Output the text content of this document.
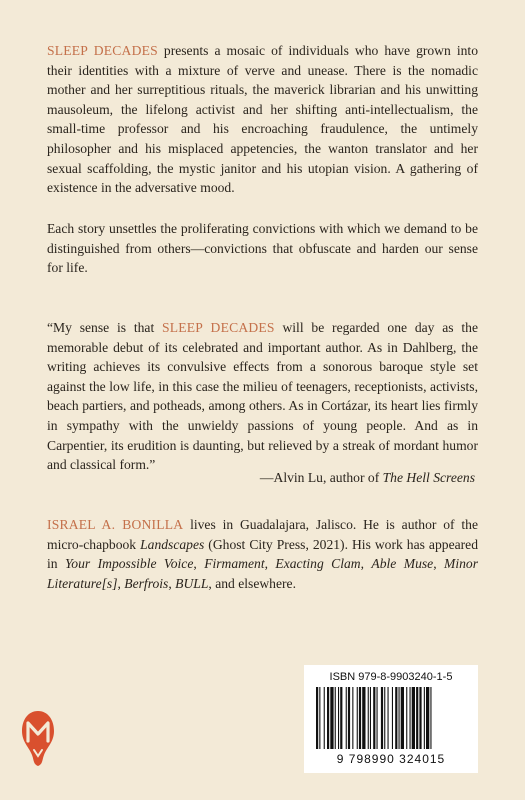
SLEEP DECADES presents a mosaic of individuals who have grown into their identities with a mixture of verve and unease. There is the nomadic mother and her surreptitious rituals, the maverick librarian and his unwitting mausoleum, the lifelong activist and her shifting anti-intellectualism, the small-time professor and his encroaching fraudulence, the untimely philosopher and his misplaced appetencies, the wanton translator and her sexual scaffolding, the mystic janitor and his utopian vision. A gathering of existence in the adversative mood.

Each story unsettles the proliferating convictions with which we demand to be distinguished from others—convictions that obfuscate and harden our sense for life.

“My sense is that SLEEP DECADES will be regarded one day as the memorable debut of its celebrated and important author. As in Dahlberg, the writing achieves its convulsive effects from a sonorous baroque style set against the low life, in this case the milieu of teenagers, receptionists, activists, beach partiers, and potheads, among others. As in Cortázar, its heart lies firmly in sympathy with the unwieldy passions of young people. And as in Carpentier, its erudition is daunting, but relieved by a streak of mordant humor and classical form.”

—Alvin Lu, author of The Hell Screens

ISRAEL A. BONILLA lives in Guadalajara, Jalisco. He is author of the micro-chapbook Landscapes (Ghost City Press, 2021). His work has appeared in Your Impossible Voice, Firmament, Exacting Clam, Able Muse, Minor Literature[s], Berfrois, BULL, and elsewhere.

ISBN 979-8-9903240-1-5
9 798990 324015
